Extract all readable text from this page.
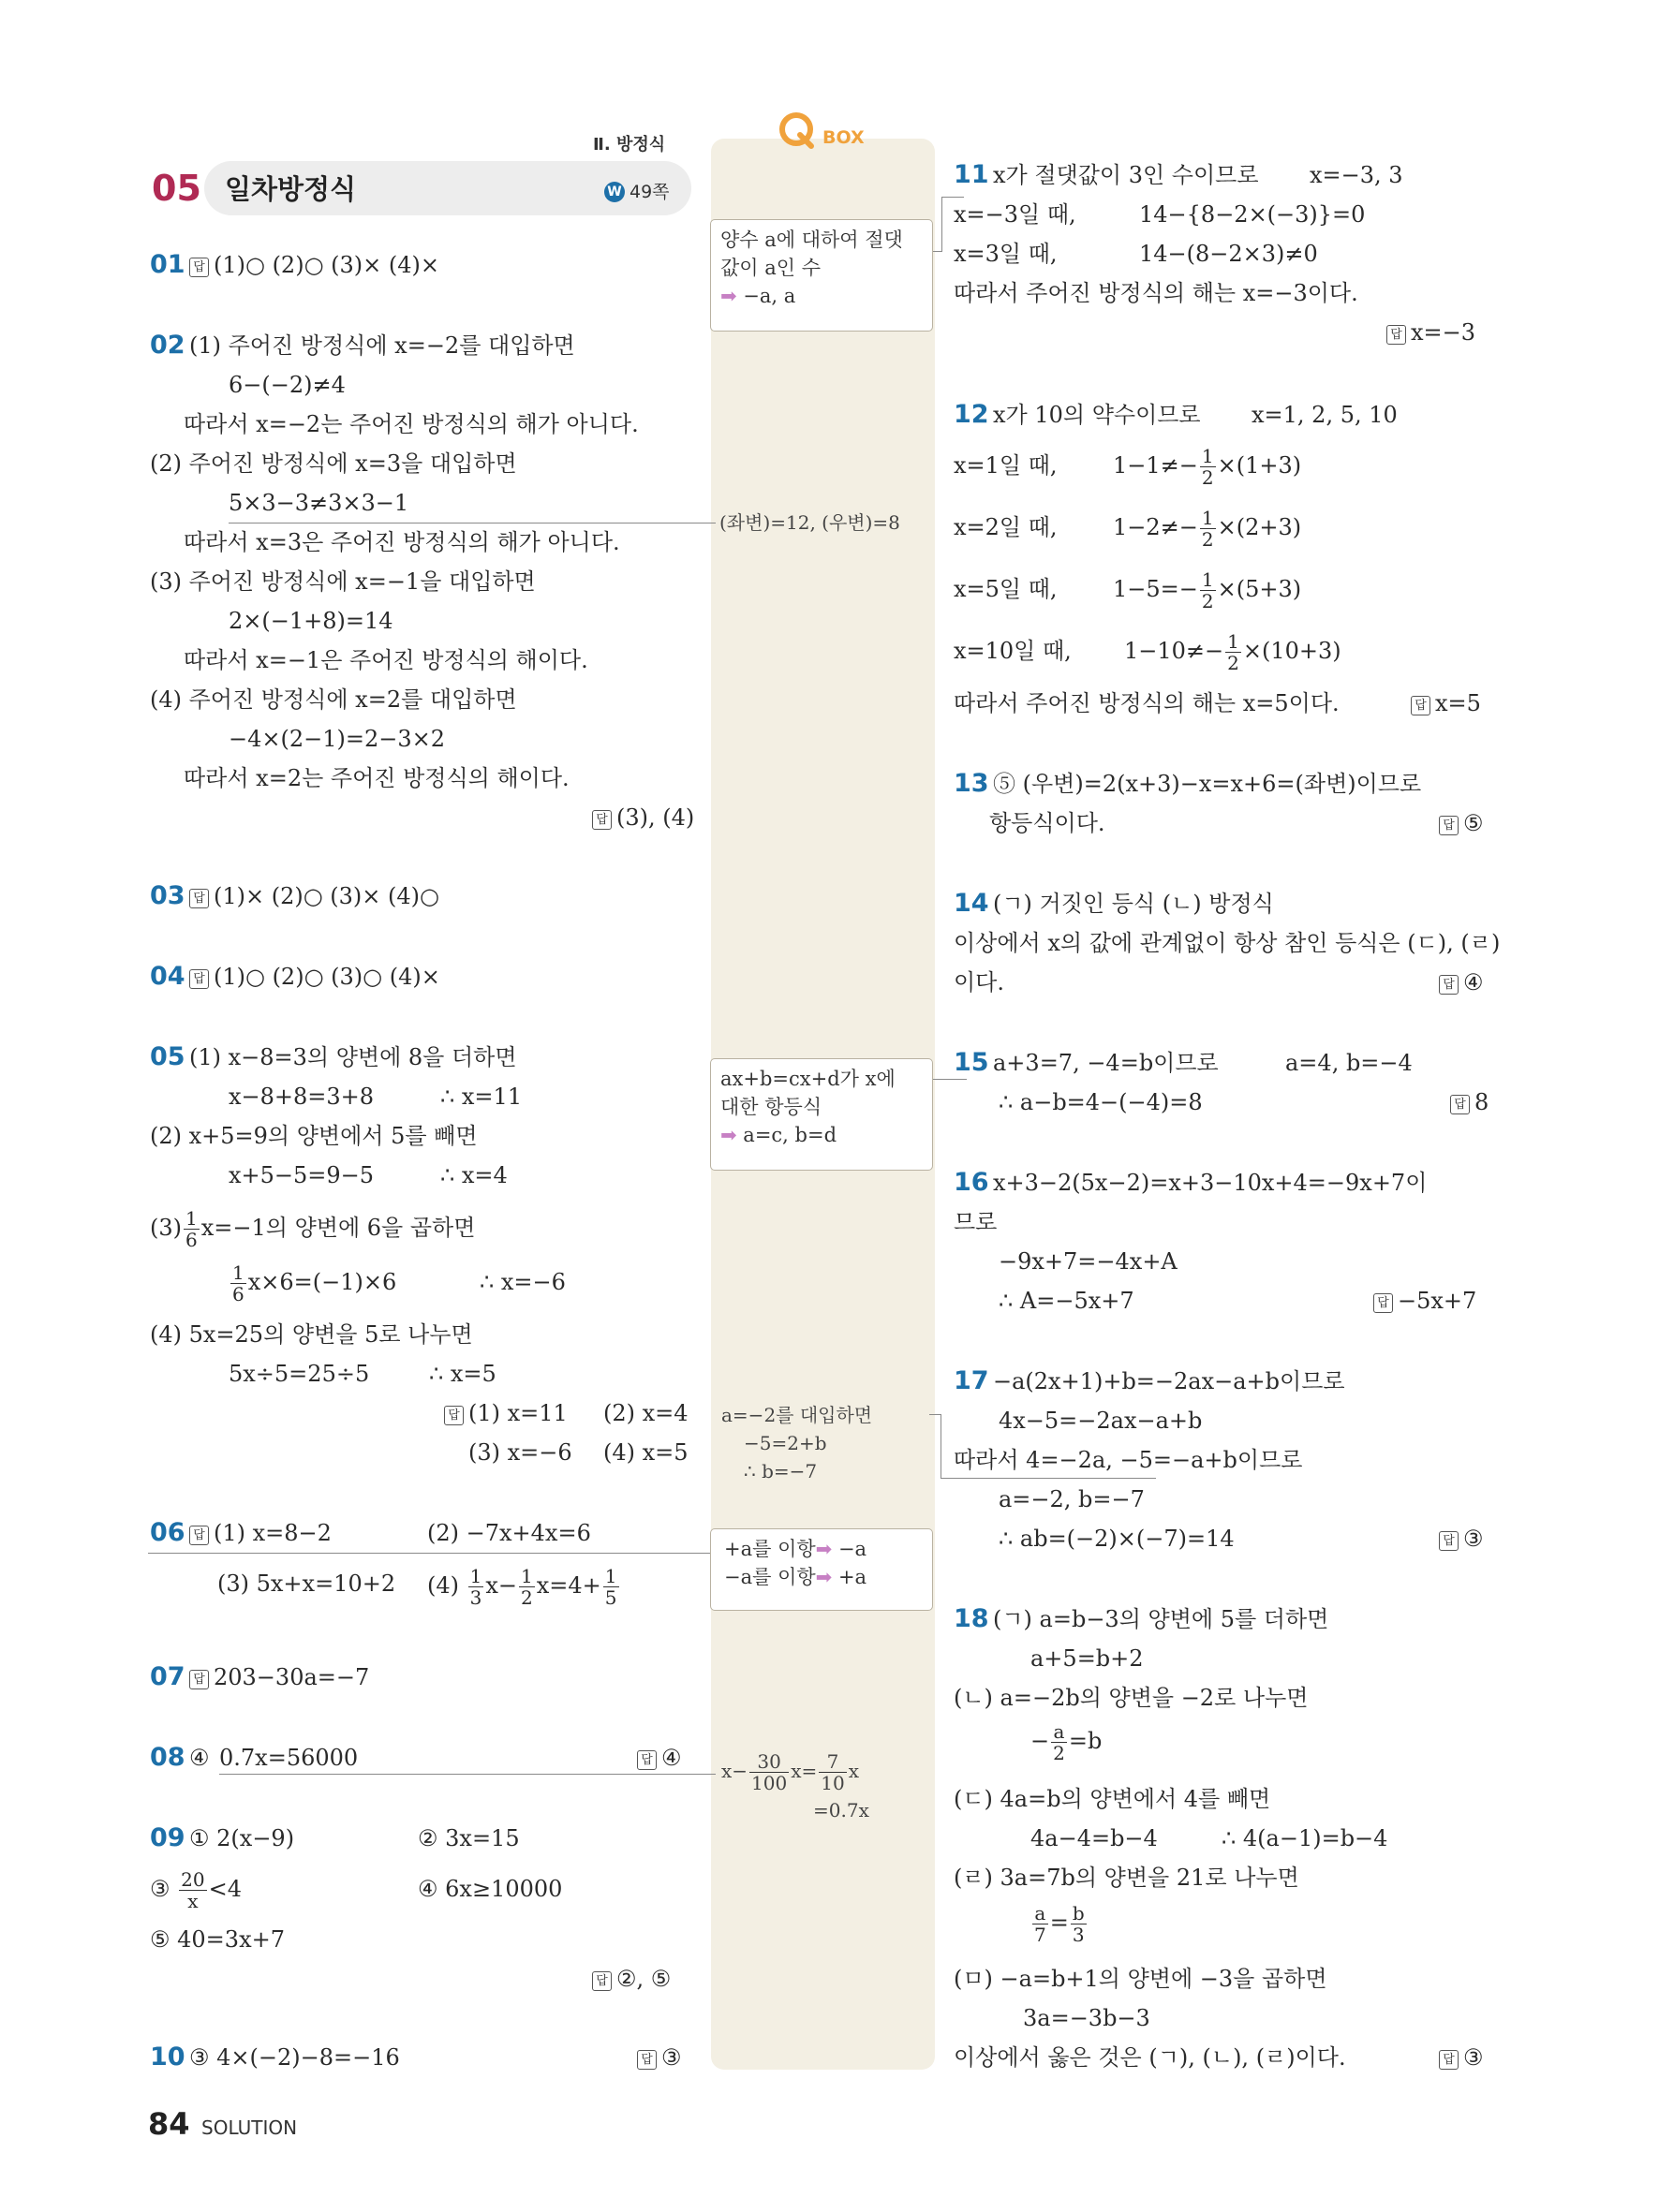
Ⅱ. 방정식
05 일차방정식	W 49쪽
BOX
01 답 (1)○ (2)○ (3)× (4)×
02 (1) 주어진 방정식에 x=−2를 대입하면
6−(−2)≠4
따라서 x=−2는 주어진 방정식의 해가 아니다.
(2) 주어진 방정식에 x=3을 대입하면
5×3−3≠3×3−1
따라서 x=3은 주어진 방정식의 해가 아니다.
(3) 주어진 방정식에 x=−1을 대입하면
2×(−1+8)=14
따라서 x=−1은 주어진 방정식의 해이다.
(4) 주어진 방정식에 x=2를 대입하면
−4×(2−1)=2−3×2
따라서 x=2는 주어진 방정식의 해이다.
답 (3), (4)
03 답 (1)× (2)○ (3)× (4)○
04 답 (1)○ (2)○ (3)○ (4)×
05 (1) x−8=3의 양변에 8을 더하면
x−8+8=3+8	∴ x=11
(2) x+5=9의 양변에서 5를 빼면
x+5−5=9−5	∴ x=4
$(3) \frac{1}{6} x=-1$의 양변에 6을 곱하면
$\frac{1}{6} x\times 6=(-1)\times 6$	∴ x=−6
(4) 5x=25의 양변을 5로 나누면
5x÷5=25÷5	∴ x=5
답 (1) x=11 (2) x=4
(3) x=−6 (4) x=5
06 답 (1) x=8−2	(2) −7x+4x=6
(3) 5x+x=10+2 $(4) \frac{1}{3} x- \frac{1}{2} x=4+ \frac{1}{5}$
07 답 203−30a=−7
08 ④ 0.7x=56000	답 ④
09 ① 2(x−9)	② 3x=15
③ $\frac{20}{x} <4$	④ 6x≥10000
⑤ 40=3x+7
답 ②, ⑤
10 ③ 4×(−2)−8=−16	답 ③
양수 a에 대하여 절댓
값이 a인 수
➡ −a, a
(좌변)=12, (우변)=8
ax+b=cx+d가 x에
대한 항등식
➡ a=c, b=d
a=−2를 대입하면
−5=2+b
∴ b=−7
+a를 이항➡ −a
−a를 이항➡ +a
$x- \frac{30}{100} x= \frac{7}{10}$ x
=0.7x
11 x가 절댓값이 3인 수이므로 x=−3, 3
x=−3일 때,	14−{8−2×(−3)}=0
x=3일 때,	14−(8−2×3)≠0
따라서 주어진 방정식의 해는 x=−3이다.
답 x=−3
12 x가 10의 약수이므로 x=1, 2, 5, 10
x=1일 때, $1-1\ne- \frac{1}{2} \times(1+3)$
x=2일 때, $1-2\ne- \frac{1}{2} \times(2+3)$
x=5일 때, $1-5=- \frac{1}{2} \times(5+3)$
x=10일 때, $1-10\ne- \frac{1}{2} \times(10+3)$
따라서 주어진 방정식의 해는 x=5이다.	답 x=5
13 ⑤ (우변)=2(x+3)−x=x+6=(좌변)이므로
항등식이다.	답 ⑤
14 (ㄱ) 거짓인 등식 (ㄴ) 방정식
이상에서 x의 값에 관계없이 항상 참인 등식은 (ㄷ), (ㄹ)
이다.	답 ④
15 a+3=7, −4=b이므로	a=4, b=−4
∴ a−b=4−(−4)=8	답 8
16 x+3−2(5x−2)=x+3−10x+4=−9x+7이
므로
−9x+7=−4x+A
∴ A=−5x+7	답 −5x+7
17 −a(2x+1)+b=−2ax−a+b이므로
4x−5=−2ax−a+b
따라서 4=−2a, −5=−a+b이므로
a=−2, b=−7
∴ ab=(−2)×(−7)=14	답 ③
18 (ㄱ) a=b−3의 양변에 5를 더하면
a+5=b+2
(ㄴ) a=−2b의 양변을 −2로 나누면
− $\frac{a}{2} =b$
(ㄷ) 4a=b의 양변에서 4를 빼면
4a−4=b−4	∴ 4(a−1)=b−4
(ㄹ) 3a=7b의 양변을 21로 나누면
$\frac{a}{7} = \frac{b}{3}$
(ㅁ) −a=b+1의 양변에 −3을 곱하면
3a=−3b−3
이상에서 옳은 것은 (ㄱ), (ㄴ), (ㄹ)이다.	답 ③
84 SOLUTION
